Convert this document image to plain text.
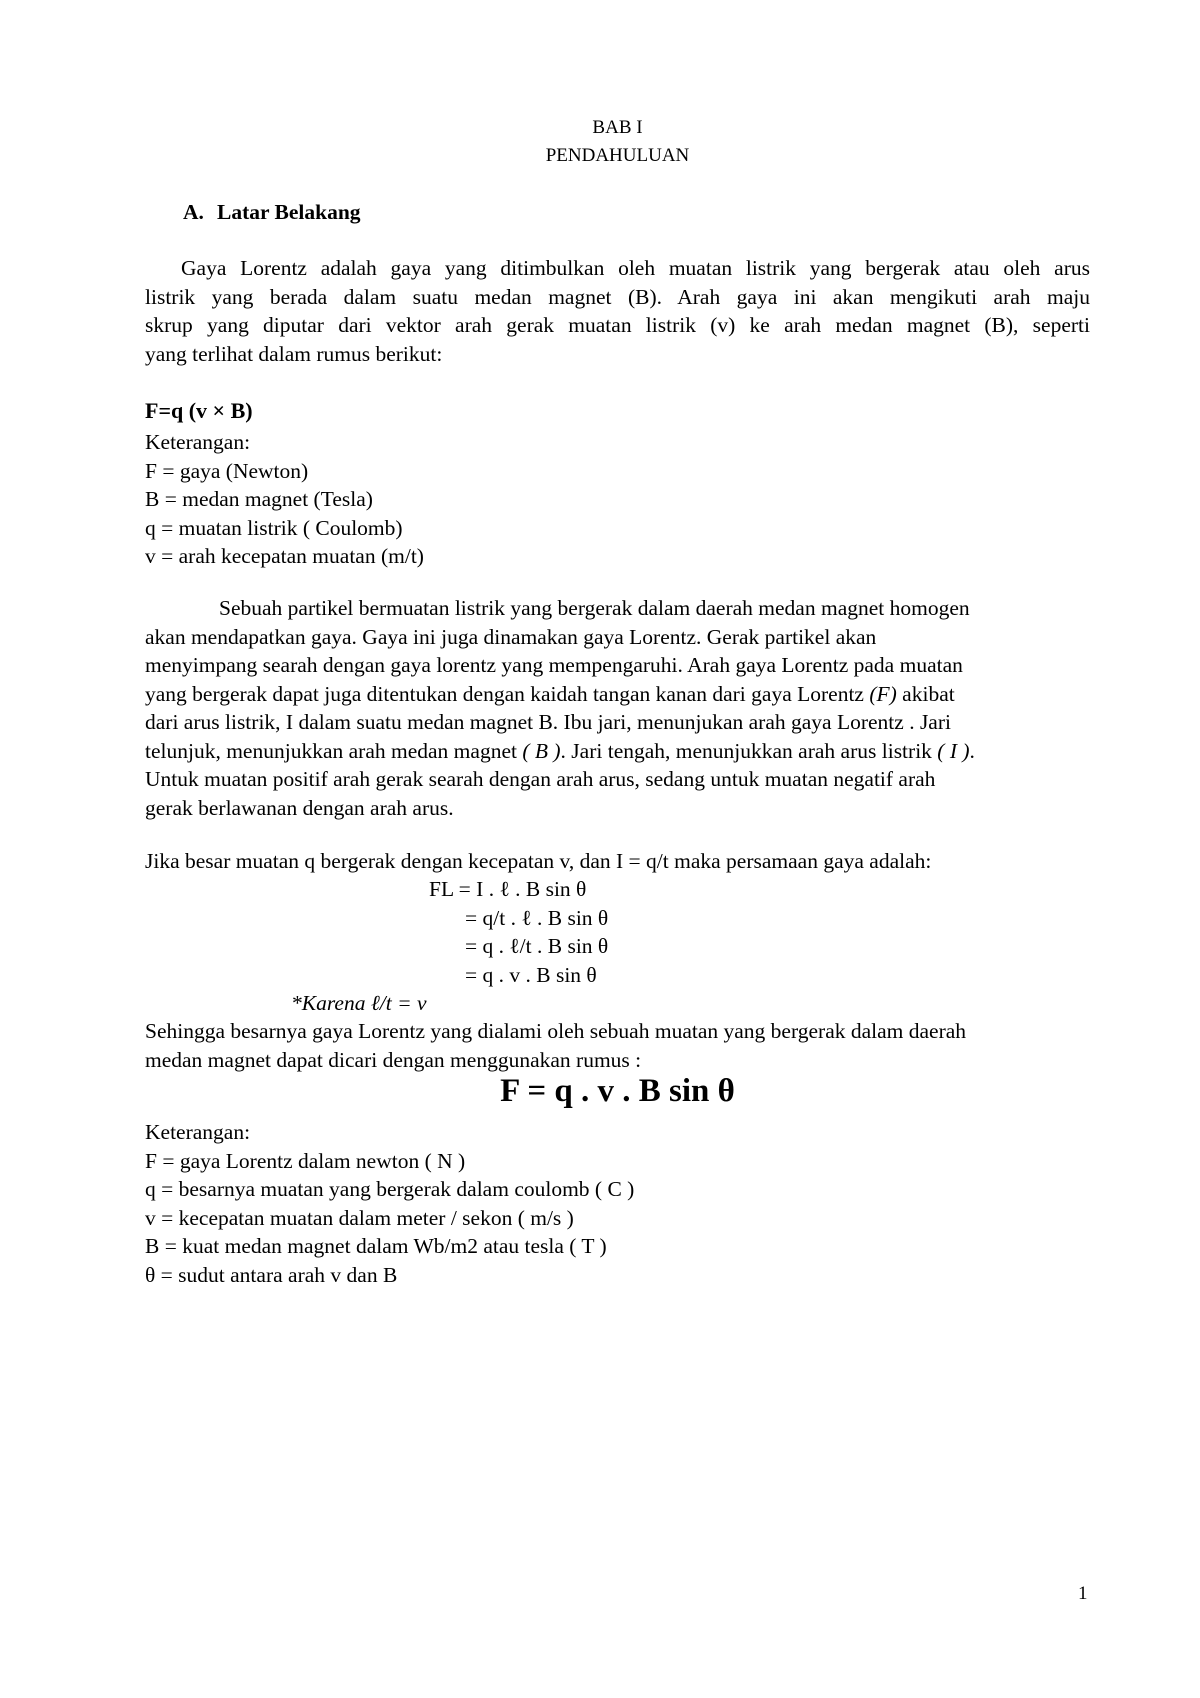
BAB I
PENDAHULUAN
A. Latar Belakang
Gaya Lorentz adalah gaya yang ditimbulkan oleh muatan listrik yang bergerak atau oleh arus
listrik yang berada dalam suatu medan magnet (B). Arah gaya ini akan mengikuti arah maju
skrup yang diputar dari vektor arah gerak muatan listrik (v) ke arah medan magnet (B), seperti
yang terlihat dalam rumus berikut:
F=q (v × B)
Keterangan:
F = gaya (Newton)
B = medan magnet (Tesla)
q = muatan listrik ( Coulomb)
v = arah kecepatan muatan (m/t)
Sebuah partikel bermuatan listrik yang bergerak dalam daerah medan magnet homogen
akan mendapatkan gaya. Gaya ini juga dinamakan gaya Lorentz. Gerak partikel akan
menyimpang searah dengan gaya lorentz yang mempengaruhi. Arah gaya Lorentz pada muatan
yang bergerak dapat juga ditentukan dengan kaidah tangan kanan dari gaya Lorentz (F) akibat
dari arus listrik, I dalam suatu medan magnet B. Ibu jari, menunjukan arah gaya Lorentz . Jari
telunjuk, menunjukkan arah medan magnet ( B ). Jari tengah, menunjukkan arah arus listrik ( I ).
Untuk muatan positif arah gerak searah dengan arah arus, sedang untuk muatan negatif arah
gerak berlawanan dengan arah arus.
Jika besar muatan q bergerak dengan kecepatan v, dan I = q/t maka persamaan gaya adalah:
FL = I . ℓ . B sin θ
= q/t . ℓ . B sin θ
= q . ℓ/t . B sin θ
= q . v . B sin θ
*Karena ℓ/t = v
Sehingga besarnya gaya Lorentz yang dialami oleh sebuah muatan yang bergerak dalam daerah
medan magnet dapat dicari dengan menggunakan rumus :
F = q . v . B sin θ
Keterangan:
F = gaya Lorentz dalam newton ( N )
q = besarnya muatan yang bergerak dalam coulomb ( C )
v = kecepatan muatan dalam meter / sekon ( m/s )
B = kuat medan magnet dalam Wb/m2 atau tesla ( T )
θ = sudut antara arah v dan B
1
